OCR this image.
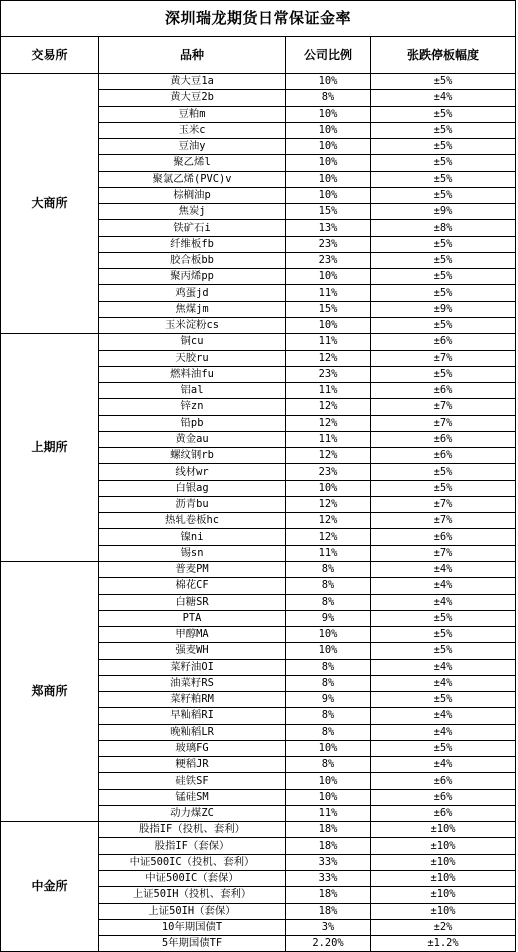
深圳瑞龙期货日常保证金率			
交易所	品种	公司比例	张跌停板幅度
大商所	黄大豆1a	10%	±5%
	黄大豆2b	8%	±4%
	豆粕m	10%	±5%
	玉米c	10%	±5%
	豆油y	10%	±5%
	聚乙烯l	10%	±5%
	聚氯乙烯(PVC)v	10%	±5%
	棕榈油p	10%	±5%
	焦炭j	15%	±9%
	铁矿石i	13%	±8%
	纤维板fb	23%	±5%
	胶合板bb	23%	±5%
	聚丙烯pp	10%	±5%
	鸡蛋jd	11%	±5%
	焦煤jm	15%	±9%
	玉米淀粉cs	10%	±5%
上期所	铜cu	11%	±6%
	天胶ru	12%	±7%
	燃料油fu	23%	±5%
	铝al	11%	±6%
	锌zn	12%	±7%
	铅pb	12%	±7%
	黄金au	11%	±6%
	螺纹钢rb	12%	±6%
	线材wr	23%	±5%
	白银ag	10%	±5%
	沥青bu	12%	±7%
	热轧卷板hc	12%	±7%
	镍ni	12%	±6%
	锡sn	11%	±7%
郑商所	普麦PM	8%	±4%
	棉花CF	8%	±4%
	白糖SR	8%	±4%
	PTA	9%	±5%
	甲醇MA	10%	±5%
	强麦WH	10%	±5%
	菜籽油OI	8%	±4%
	油菜籽RS	8%	±4%
	菜籽粕RM	9%	±5%
	早籼稻RI	8%	±4%
	晚籼稻LR	8%	±4%
	玻璃FG	10%	±5%
	粳稻JR	8%	±4%
	硅铁SF	10%	±6%
	锰硅SM	10%	±6%
	动力煤ZC	11%	±6%
中金所	股指IF（投机、套利）	18%	±10%
	股指IF（套保）	18%	±10%
	中证500IC（投机、套利）	33%	±10%
	中证500IC（套保）	33%	±10%
	上证50IH（投机、套利）	18%	±10%
	上证50IH（套保）	18%	±10%
	10年期国债T	3%	±2%
	5年期国债TF	2.20%	±1.2%
